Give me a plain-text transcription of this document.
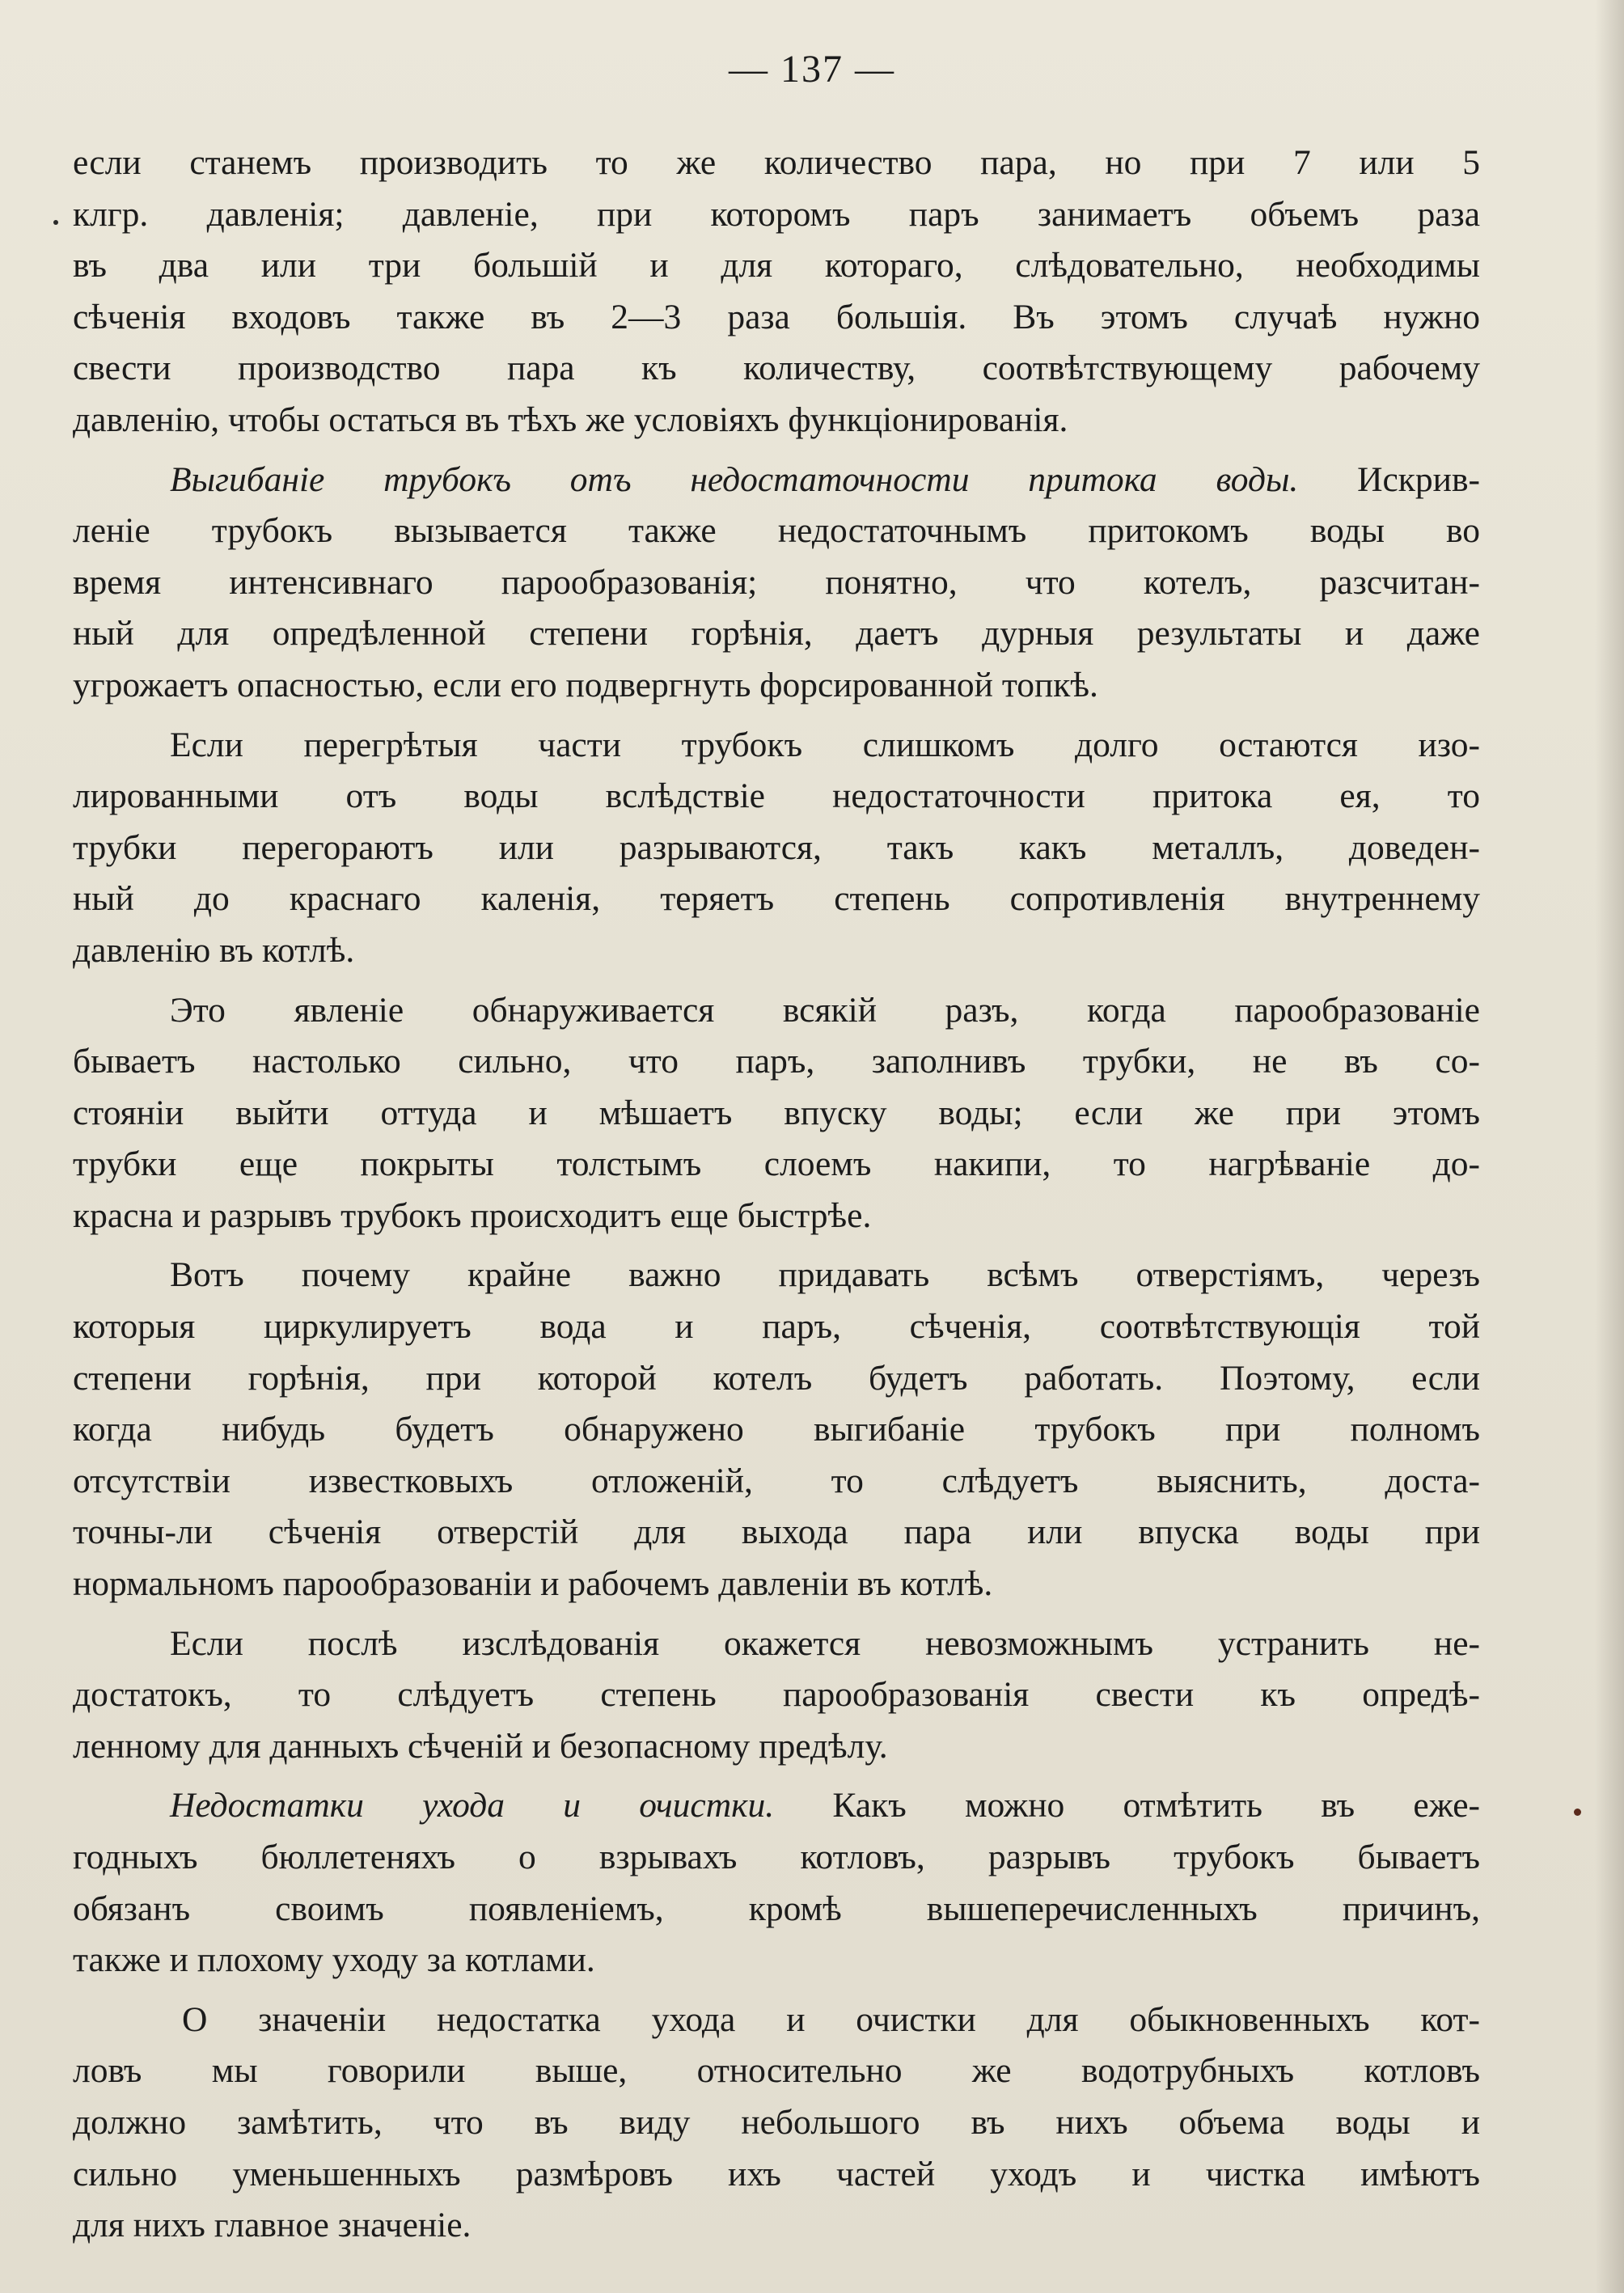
— 137 —

если станемъ производить то же количество пара, но при 7 или 5
клгр. давленія; давленіе, при которомъ паръ занимаетъ объемъ раза
въ два или три большій и для котораго, слѣдовательно, необходимы
сѣченія входовъ также въ 2—3 раза большія. Въ этомъ случаѣ нужно
свести производство пара къ количеству, соотвѣтствующему рабочему
давленію, чтобы остаться въ тѣхъ же условіяхъ функціонированія.

Выгибаніе трубокъ отъ недостаточности притока воды. Искрив-
леніе трубокъ вызывается также недостаточнымъ притокомъ воды во
время интенсивнаго парообразованія; понятно, что котелъ, разсчитан-
ный для опредѣленной степени горѣнія, даетъ дурныя результаты и даже
угрожаетъ опасностью, если его подвергнуть форсированной топкѣ.

Если перегрѣтыя части трубокъ слишкомъ долго остаются изо-
лированными отъ воды вслѣдствіе недостаточности притока ея, то
трубки перегораютъ или разрываются, такъ какъ металлъ, доведен-
ный до краснаго каленія, теряетъ степень сопротивленія внутреннему
давленію въ котлѣ.

Это явленіе обнаруживается всякій разъ, когда парообразованіе
бываетъ настолько сильно, что паръ, заполнивъ трубки, не въ со-
стояніи выйти оттуда и мѣшаетъ впуску воды; если же при этомъ
трубки еще покрыты толстымъ слоемъ накипи, то нагрѣваніе до-
красна и разрывъ трубокъ происходитъ еще быстрѣе.

Вотъ почему крайне важно придавать всѣмъ отверстіямъ, черезъ
которыя циркулируетъ вода и паръ, сѣченія, соотвѣтствующія той
степени горѣнія, при которой котелъ будетъ работать. Поэтому, если
когда нибудь будетъ обнаружено выгибаніе трубокъ при полномъ
отсутствіи известковыхъ отложеній, то слѣдуетъ выяснить, доста-
точны-ли сѣченія отверстій для выхода пара или впуска воды при
нормальномъ парообразованіи и рабочемъ давленіи въ котлѣ.

Если послѣ изслѣдованія окажется невозможнымъ устранить не-
достатокъ, то слѣдуетъ степень парообразованія свести къ опредѣ-
ленному для данныхъ сѣченій и безопасному предѣлу.

Недостатки ухода и очистки. Какъ можно отмѣтить въ еже-
годныхъ бюллетеняхъ о взрывахъ котловъ, разрывъ трубокъ бываетъ
обязанъ своимъ появленіемъ, кромѣ вышеперечисленныхъ причинъ,
также и плохому уходу за котлами.

О значеніи недостатка ухода и очистки для обыкновенныхъ кот-
ловъ мы говорили выше, относительно же водотрубныхъ котловъ
должно замѣтить, что въ виду небольшого въ нихъ объема воды и
сильно уменьшенныхъ размѣровъ ихъ частей уходъ и чистка имѣютъ
для нихъ главное значеніе.
